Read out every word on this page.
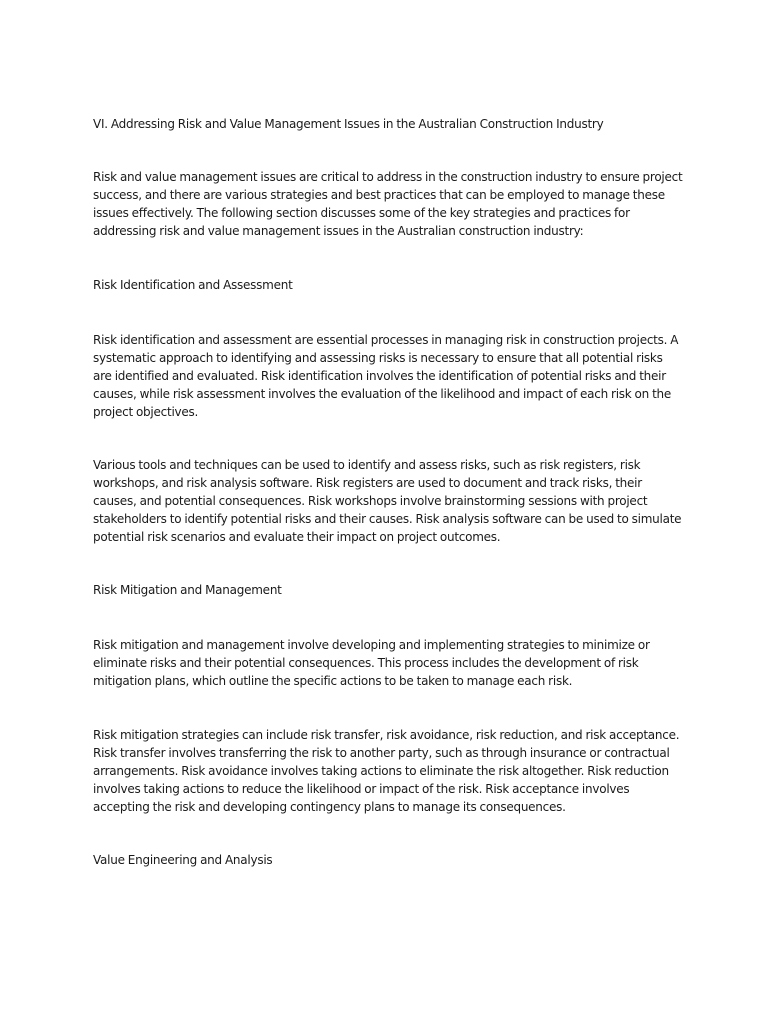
VI. Addressing Risk and Value Management Issues in the Australian Construction Industry

Risk and value management issues are critical to address in the construction industry to ensure project success, and there are various strategies and best practices that can be employed to manage these issues effectively. The following section discusses some of the key strategies and practices for addressing risk and value management issues in the Australian construction industry:

Risk Identification and Assessment

Risk identification and assessment are essential processes in managing risk in construction projects. A systematic approach to identifying and assessing risks is necessary to ensure that all potential risks are identified and evaluated. Risk identification involves the identification of potential risks and their causes, while risk assessment involves the evaluation of the likelihood and impact of each risk on the project objectives.

Various tools and techniques can be used to identify and assess risks, such as risk registers, risk workshops, and risk analysis software. Risk registers are used to document and track risks, their causes, and potential consequences. Risk workshops involve brainstorming sessions with project stakeholders to identify potential risks and their causes. Risk analysis software can be used to simulate potential risk scenarios and evaluate their impact on project outcomes.

Risk Mitigation and Management

Risk mitigation and management involve developing and implementing strategies to minimize or eliminate risks and their potential consequences. This process includes the development of risk mitigation plans, which outline the specific actions to be taken to manage each risk.

Risk mitigation strategies can include risk transfer, risk avoidance, risk reduction, and risk acceptance. Risk transfer involves transferring the risk to another party, such as through insurance or contractual arrangements. Risk avoidance involves taking actions to eliminate the risk altogether. Risk reduction involves taking actions to reduce the likelihood or impact of the risk. Risk acceptance involves accepting the risk and developing contingency plans to manage its consequences.

Value Engineering and Analysis
